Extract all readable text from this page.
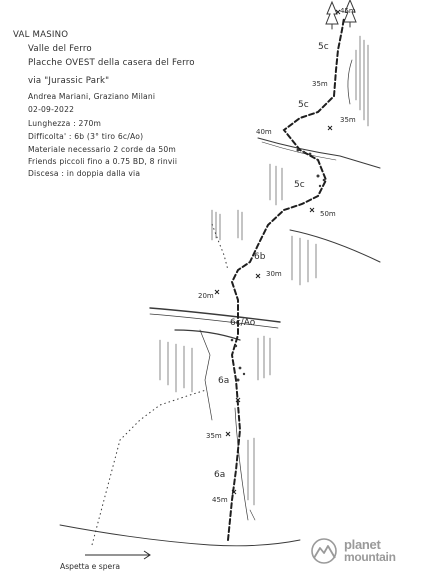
VAL MASINO
Valle del Ferro
Placche OVEST della casera del Ferro
via "Jurassic Park"
Andrea Mariani, Graziano Milani
02-09-2022
Lunghezza : 270m
Difficolta' : 6b (3° tiro 6c/Ao)
Materiale necessario 2 corde da 50m
Friends piccoli fino a 0.75 BD, 8 rinvii
Discesa : in doppia dalla via
5c
5c
5c
6b
6c/Ao
6a
6a
45m
35m
40m
50m
30m
20m
35m
45m
35m
Aspetta e spera
planet
mountain
